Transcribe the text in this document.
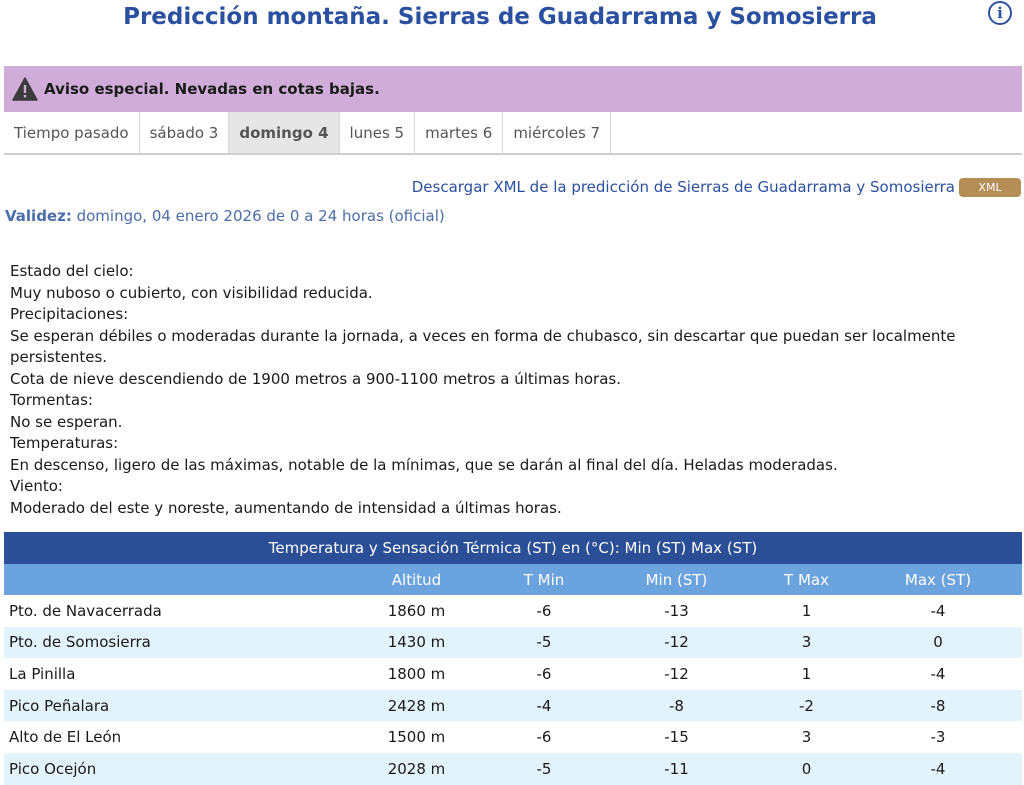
Predicción montaña. Sierras de Guadarrama y Somosierra	i
Aviso especial. Nevadas en cotas bajas.
Tiempo pasado	sábado 3	domingo 4	lunes 5	martes 6	miércoles 7
Descargar XML de la predicción de Sierras de Guadarrama y Somosierra	XML
Validez: domingo, 04 enero 2026 de 0 a 24 horas (oficial)
Estado del cielo:
Muy nuboso o cubierto, con visibilidad reducida.
Precipitaciones:
Se esperan débiles o moderadas durante la jornada, a veces en forma de chubasco, sin descartar que puedan ser localmente persistentes.
Cota de nieve descendiendo de 1900 metros a 900-1100 metros a últimas horas.
Tormentas:
No se esperan.
Temperaturas:
En descenso, ligero de las máximas, notable de la mínimas, que se darán al final del día. Heladas moderadas.
Viento:
Moderado del este y noreste, aumentando de intensidad a últimas horas.
Temperatura y Sensación Térmica (ST) en (°C): Min (ST) Max (ST)
	Altitud	T Min	Min (ST)	T Max	Max (ST)
Pto. de Navacerrada	1860 m	-6	-13	1	-4
Pto. de Somosierra	1430 m	-5	-12	3	0
La Pinilla	1800 m	-6	-12	1	-4
Pico Peñalara	2428 m	-4	-8	-2	-8
Alto de El León	1500 m	-6	-15	3	-3
Pico Ocejón	2028 m	-5	-11	0	-4
